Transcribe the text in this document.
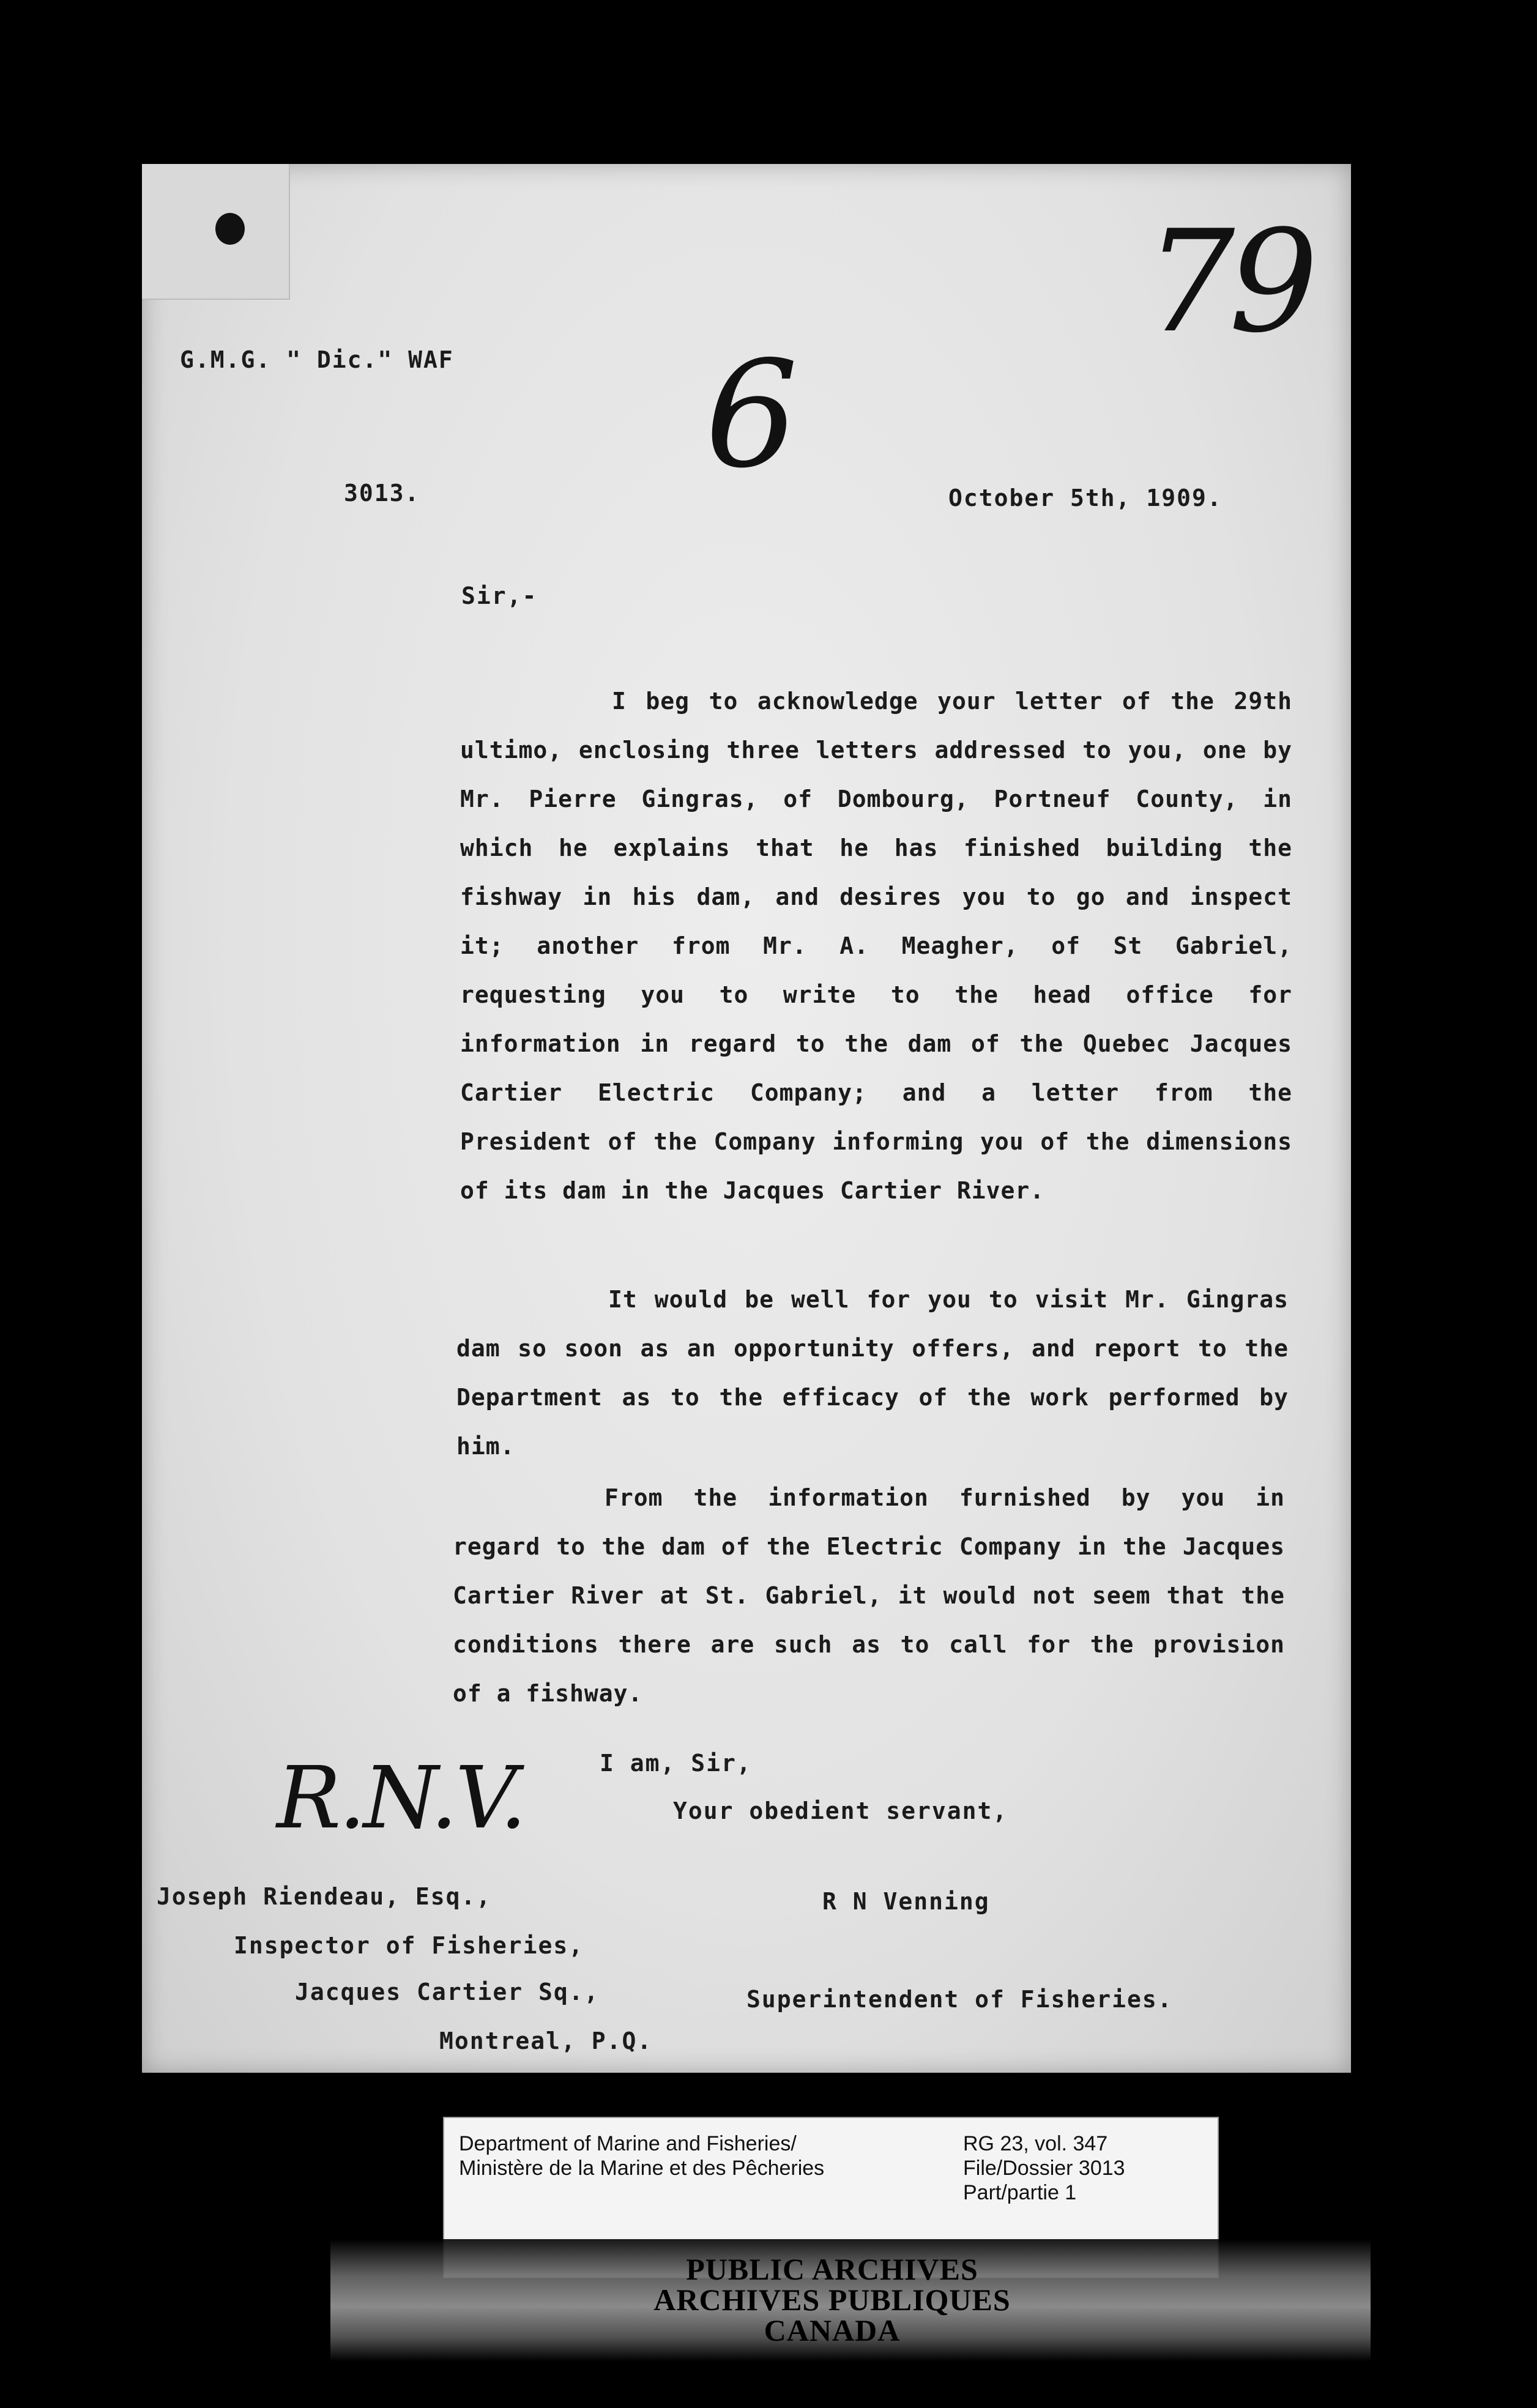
79
6
G.M.G. " Dic." WAF
3013.	October 5th, 1909.
Sir,-
I beg to acknowledge your letter of the 29th ultimo, enclosing three letters addressed to you, one by Mr. Pierre Gingras, of Dombourg, Portneuf County, in which he explains that he has finished building the fishway in his dam, and desires you to go and inspect it; another from Mr. A. Meagher, of St Gabriel, requesting you to write to the head office for information in regard to the dam of the Quebec Jacques Cartier Electric Company; and a letter from the President of the Company informing you of the dimensions of its dam in the Jacques Cartier River.
It would be well for you to visit Mr. Gingras dam so soon as an opportunity offers, and report to the Department as to the efficacy of the work performed by him.
From the information furnished by you in regard to the dam of the Electric Company in the Jacques Cartier River at St. Gabriel, it would not seem that the conditions there are such as to call for the provision of a fishway.
I am, Sir,
Your obedient servant,
R.N.V.
R N Venning
Superintendent of Fisheries.
Joseph Riendeau, Esq.,
Inspector of Fisheries,
Jacques Cartier Sq.,
Montreal, P.Q.
Department of Marine and Fisheries/
Ministère de la Marine et des Pêcheries
RG 23, vol. 347
File/Dossier 3013
Part/partie 1
PUBLIC ARCHIVES
ARCHIVES PUBLIQUES
CANADA
